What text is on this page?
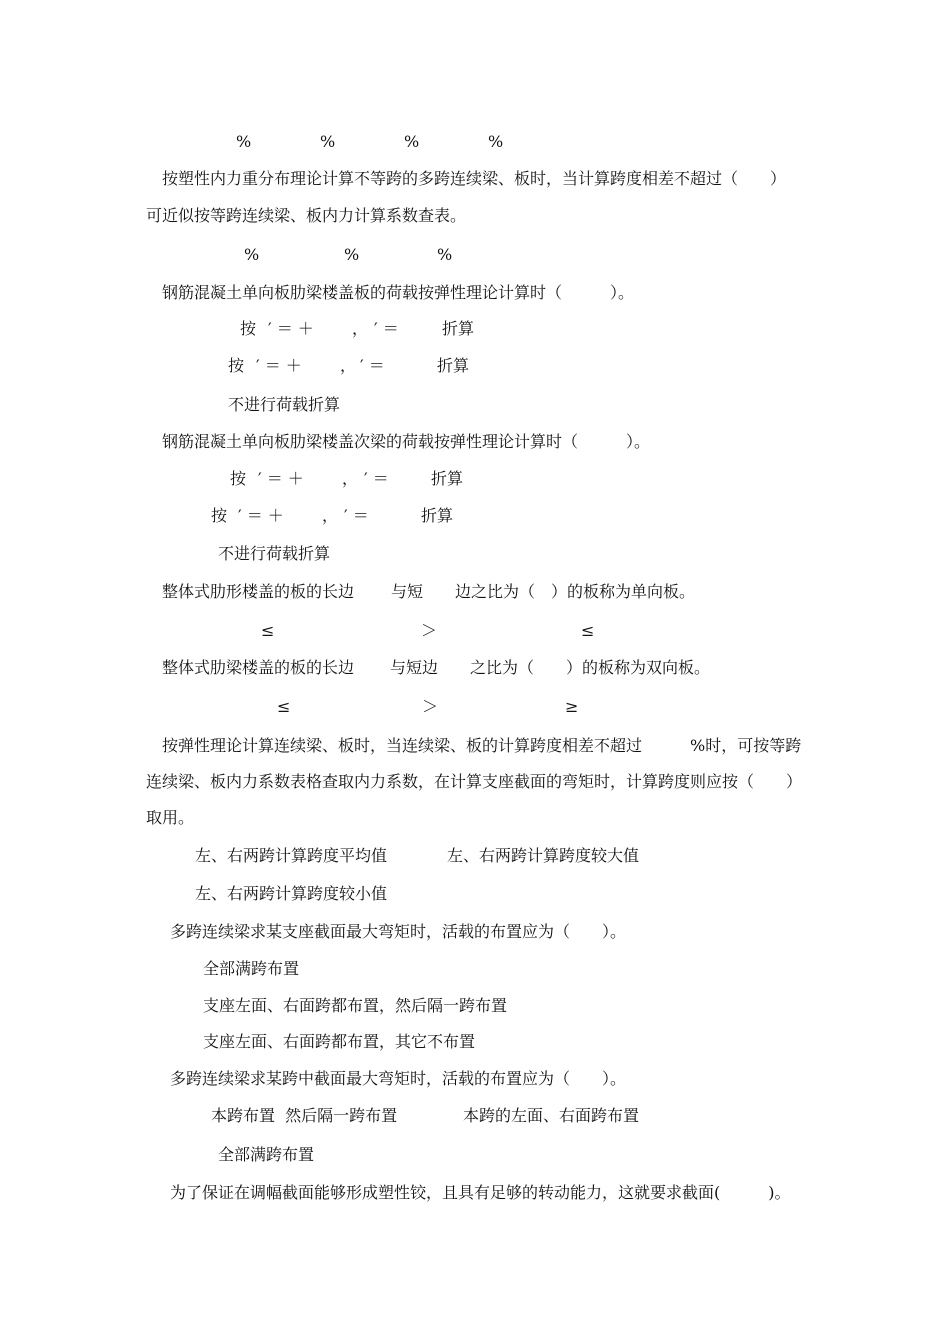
%	%	%	%
按塑性内力重分布理论计算不等跨的多跨连续梁、板时，当计算跨度相差不超过（　　）
可近似按等跨连续梁、板内力计算系数查表。
%	%	%
钢筋混凝土单向板肋梁楼盖板的荷载按弹性理论计算时（　　　）。
按 ′ ＝ ＋ ， ′ ＝	折算
按 ′ ＝ ＋ ， ′ ＝	折算
不进行荷载折算
钢筋混凝土单向板肋梁楼盖次梁的荷载按弹性理论计算时（　　　）。
按 ′ ＝ ＋ ， ′ ＝	折算
按 ′ ＝ ＋ ， ′ ＝	折算
不进行荷载折算
整体式肋形楼盖的板的长边 与短 边之比为（　）的板称为单向板。
≤	＞	≤
整体式肋梁楼盖的板的长边 与短边 之比为（　　）的板称为双向板。
≤	＞	≥
按弹性理论计算连续梁、板时，当连续梁、板的计算跨度相差不超过	%时，可按等跨
连续梁、板内力系数表格查取内力系数，在计算支座截面的弯矩时，计算跨度则应按（　　）
取用。
左、右两跨计算跨度平均值	左、右两跨计算跨度较大值
左、右两跨计算跨度较小值
多跨连续梁求某支座截面最大弯矩时，活载的布置应为（　　）。
全部满跨布置
支座左面、右面跨都布置，然后隔一跨布置
支座左面、右面跨都布置，其它不布置
多跨连续梁求某跨中截面最大弯矩时，活载的布置应为（　　）。
本跨布置  然后隔一跨布置	本跨的左面、右面跨布置
全部满跨布置
为了保证在调幅截面能够形成塑性铰，且具有足够的转动能力，这就要求截面(　　　)。
